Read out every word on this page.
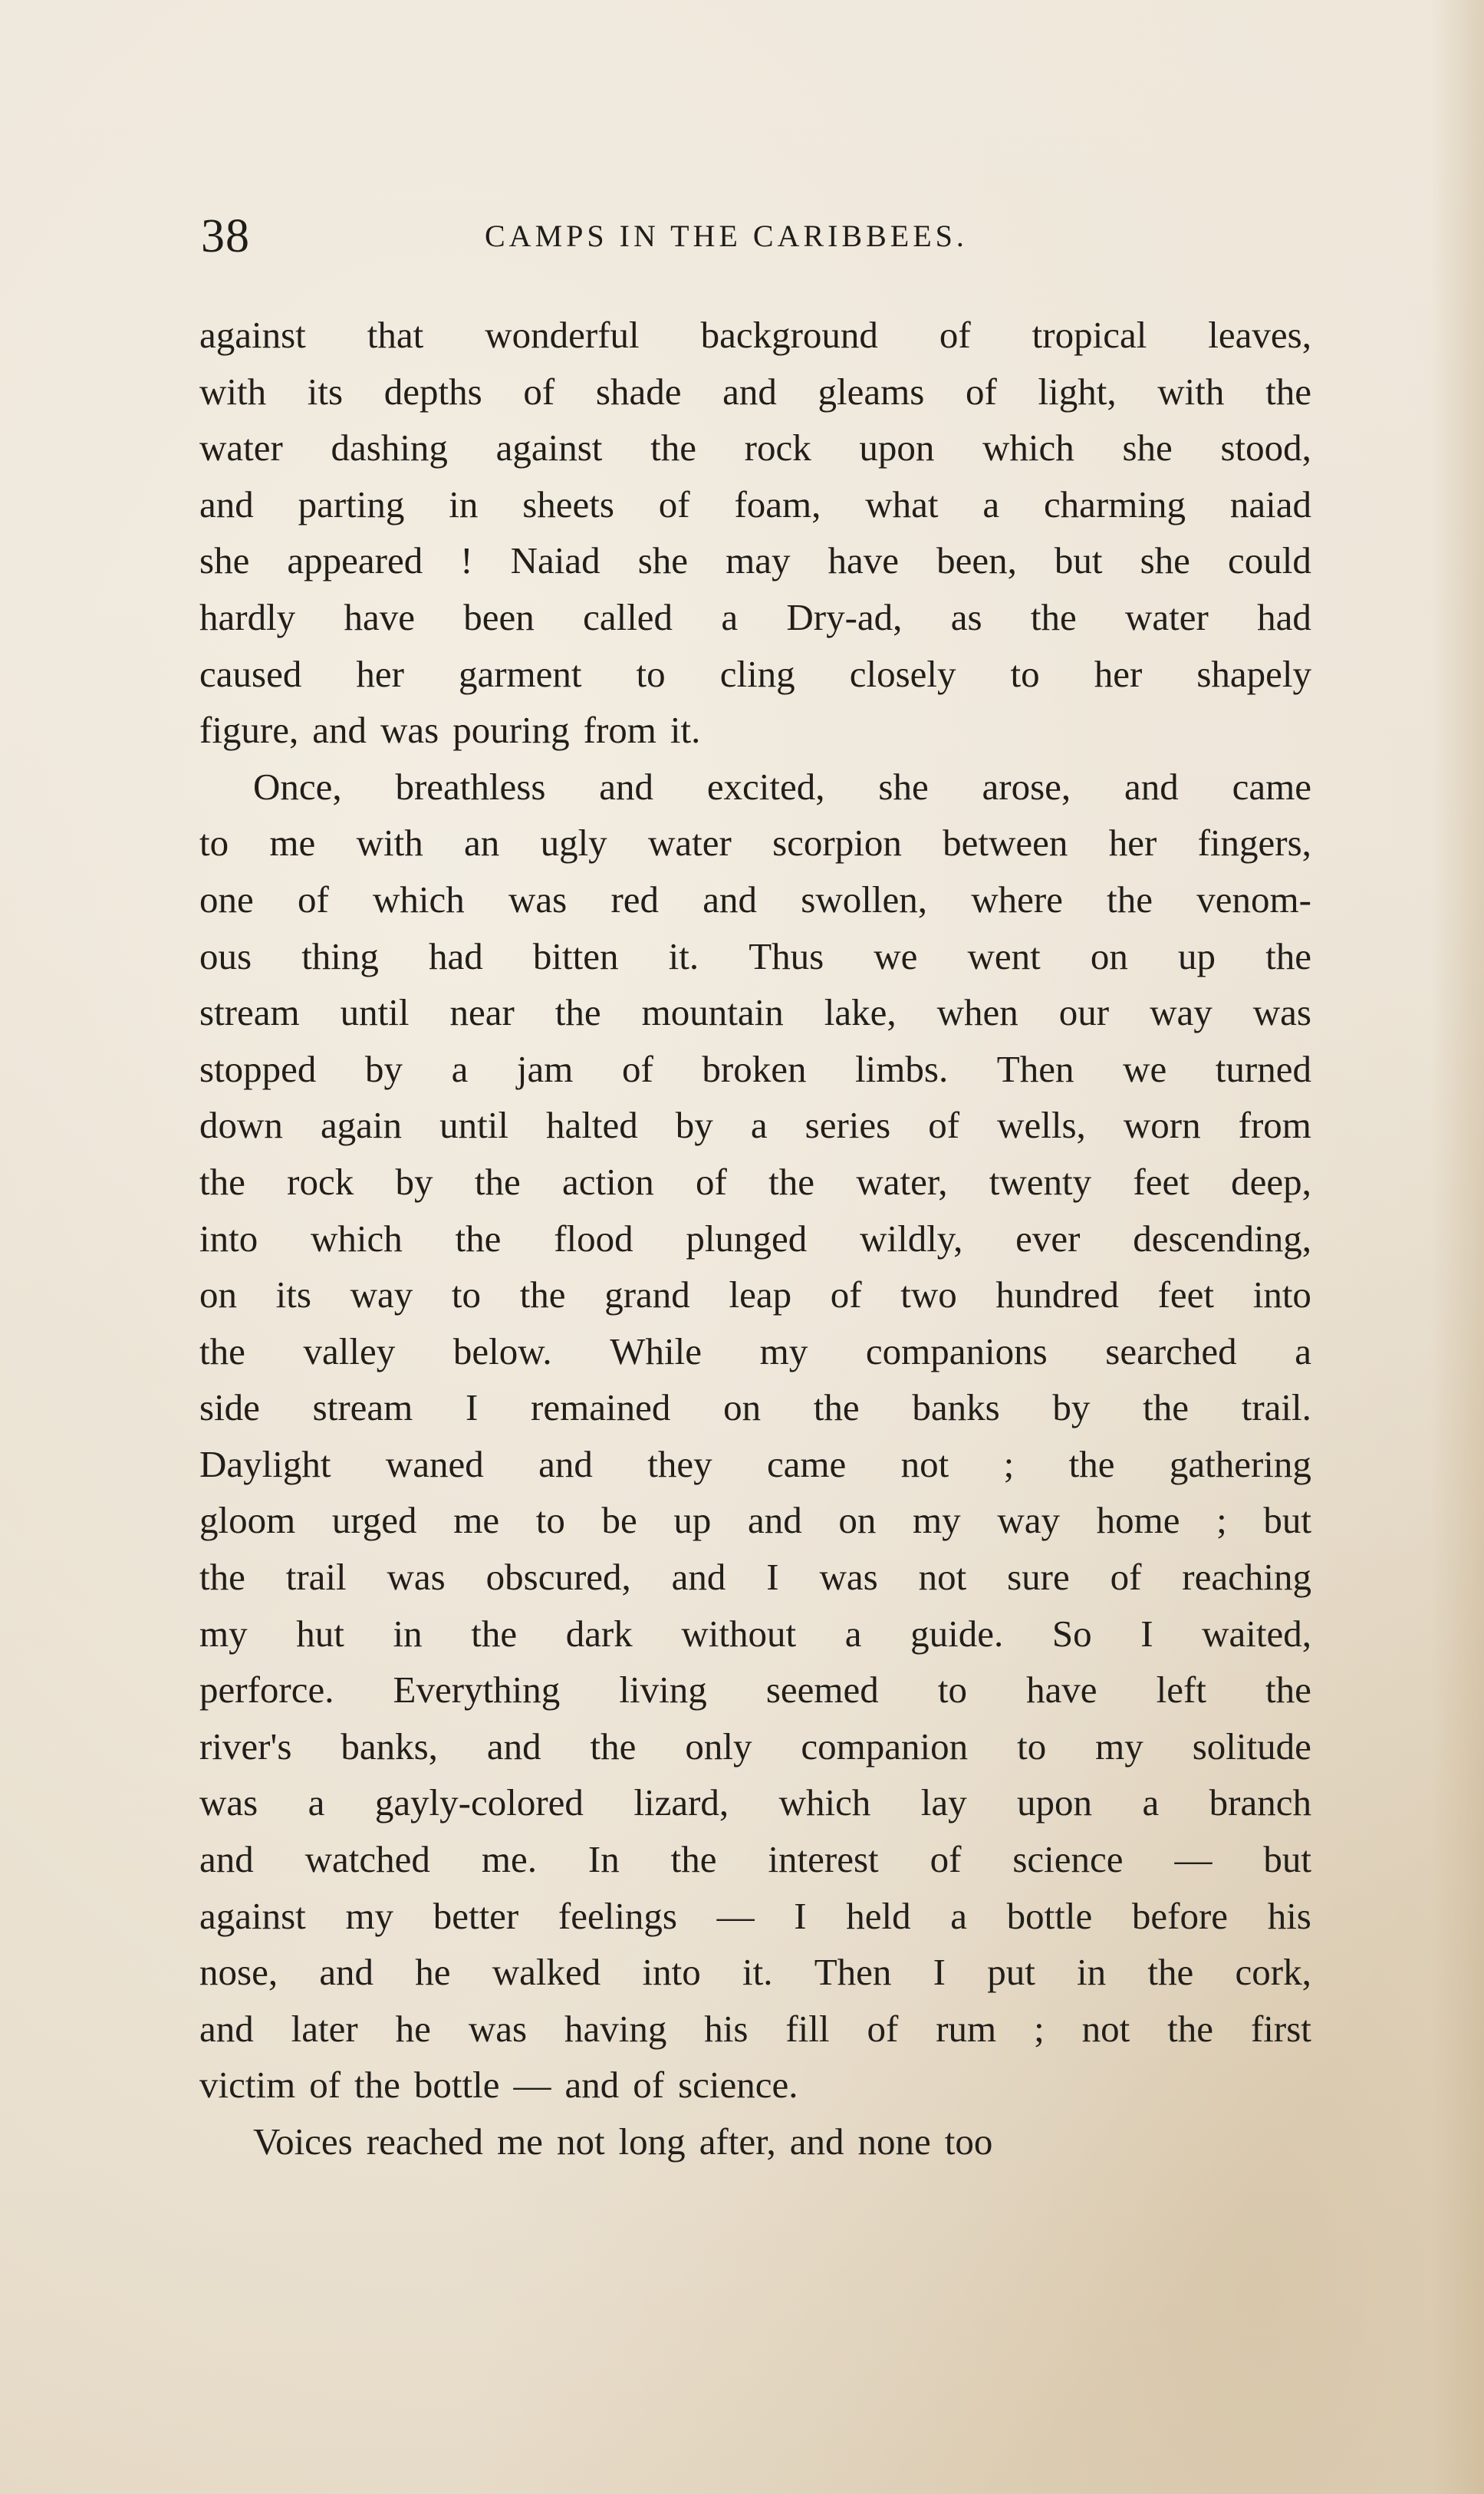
38	CAMPS IN THE CARIBBEES.
against that wonderful background of tropical leaves,
with its depths of shade and gleams of light, with the
water dashing against the rock upon which she stood,
and parting in sheets of foam, what a charming naiad
she appeared ! Naiad she may have been, but she could
hardly have been called a Dry-ad, as the water had
caused her garment to cling closely to her shapely
figure, and was pouring from it.
Once, breathless and excited, she arose, and came
to me with an ugly water scorpion between her fingers,
one of which was red and swollen, where the venom-
ous thing had bitten it. Thus we went on up the
stream until near the mountain lake, when our way was
stopped by a jam of broken limbs. Then we turned
down again until halted by a series of wells, worn from
the rock by the action of the water, twenty feet deep,
into which the flood plunged wildly, ever descending,
on its way to the grand leap of two hundred feet into
the valley below. While my companions searched a
side stream I remained on the banks by the trail.
Daylight waned and they came not ; the gathering
gloom urged me to be up and on my way home ; but
the trail was obscured, and I was not sure of reaching
my hut in the dark without a guide. So I waited,
perforce. Everything living seemed to have left the
river's banks, and the only companion to my solitude
was a gayly-colored lizard, which lay upon a branch
and watched me. In the interest of science — but
against my better feelings — I held a bottle before his
nose, and he walked into it. Then I put in the cork,
and later he was having his fill of rum ; not the first
victim of the bottle — and of science.
Voices reached me not long after, and none too
